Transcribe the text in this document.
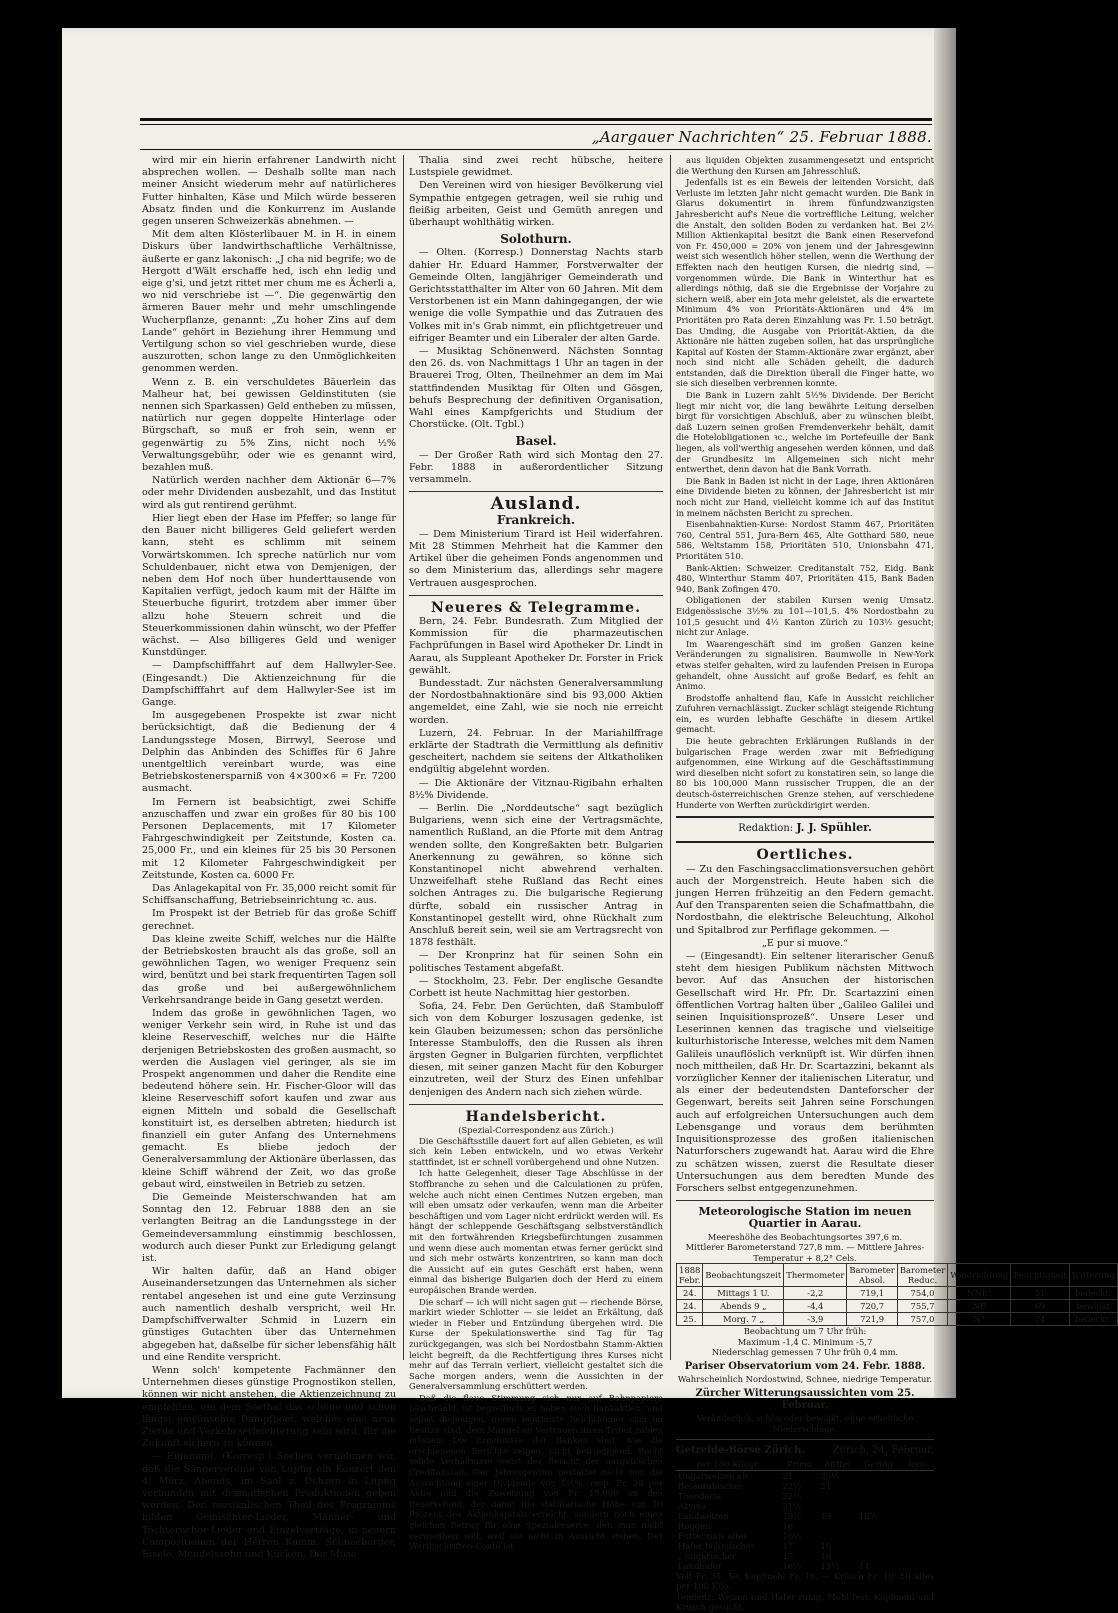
„Aargauer Nachrichten“ 25. Februar 1888.

wird mir ein hierin erfahrener Landwirth nicht absprechen wollen. — Deshalb sollte man nach meiner Ansicht wiederum mehr auf natürlicheres Futter hinhalten, Käse und Milch würde besseren Absatz finden und die Konkurrenz im Auslande gegen unseren Schweizerkäs abnehmen. —

Mit dem alten Klösterlibauer M. in H. in einem Diskurs über landwirthschaftliche Verhältnisse, äußerte er ganz lakonisch: „J cha nid begrife; wo de Hergott d'Wält erschaffe hed, isch ehn ledig und eige g'si, und jetzt rittet mer chum me es Ächerli a, wo nid verschriebe ist —“. Die gegenwärtig den ärmeren Bauer mehr und mehr umschlingende Wucherpflanze, genannt: „Zu hoher Zins auf dem Lande“ gehört in Beziehung ihrer Hemmung und Vertilgung schon so viel geschrieben wurde, diese auszurotten, schon lange zu den Unmöglichkeiten genommen werden.

Wenn z. B. ein verschuldetes Bäuerlein das Malheur hat, bei gewissen Geldinstituten (sie nennen sich Sparkassen) Geld entheben zu müssen, natürlich nur gegen doppelte Hinterlage oder Bürgschaft, so muß er froh sein, wenn er gegenwärtig zu 5% Zins, nicht noch ½% Verwaltungsgebühr, oder wie es genannt wird, bezahlen muß.

Natürlich werden nachher dem Aktionär 6—7% oder mehr Dividenden ausbezahlt, und das Institut wird als gut rentirend gerühmt.

Hier liegt eben der Hase im Pfeffer; so lange für den Bauer nicht billigeres Geld geliefert werden kann, steht es schlimm mit seinem Vorwärtskommen. Ich spreche natürlich nur vom Schuldenbauer, nicht etwa von Demjenigen, der neben dem Hof noch über hunderttausende von Kapitalien verfügt, jedoch kaum mit der Hälfte im Steuerbuche figurirt, trotzdem aber immer über allzu hohe Steuern schreit und die Steuerkommissionen dahin wünscht, wo der Pfeffer wächst. — Also billigeres Geld und weniger Kunstdünger.

— Dampfschifffahrt auf dem Hallwyler-See. (Eingesandt.) Die Aktienzeichnung für die Dampfschifffahrt auf dem Hallwyler-See ist im Gange.

Im ausgegebenen Prospekte ist zwar nicht berücksichtigt, daß die Bedienung der 4 Landungsstege Mosen, Birrwyl, Seerose und Delphin das Anbinden des Schiffes für 6 Jahre unentgeltlich vereinbart wurde, was eine Betriebskostenersparniß von 4×300×6 = Fr. 7200 ausmacht.

Im Fernern ist beabsichtigt, zwei Schiffe anzuschaffen und zwar ein großes für 80 bis 100 Personen Deplacements, mit 17 Kilometer Fahrgeschwindigkeit per Zeitstunde, Kosten ca. 25,000 Fr., und ein kleines für 25 bis 30 Personen mit 12 Kilometer Fahrgeschwindigkeit per Zeitstunde, Kosten ca. 6000 Fr.

Das Anlagekapital von Fr. 35,000 reicht somit für Schiffsanschaffung, Betriebseinrichtung ꝛc. aus.

Im Prospekt ist der Betrieb für das große Schiff gerechnet.

Das kleine zweite Schiff, welches nur die Hälfte der Betriebskosten braucht als das große, soll an gewöhnlichen Tagen, wo weniger Frequenz sein wird, benützt und bei stark frequentirten Tagen soll das große und bei außergewöhnlichem Verkehrsandrange beide in Gang gesetzt werden.

Indem das große in gewöhnlichen Tagen, wo weniger Verkehr sein wird, in Ruhe ist und das kleine Reserveschiff, welches nur die Hälfte derjenigen Betriebskosten des großen ausmacht, so werden die Auslagen viel geringer, als sie im Prospekt angenommen und daher die Rendite eine bedeutend höhere sein. Hr. Fischer-Gloor will das kleine Reserveschiff sofort kaufen und zwar aus eignen Mitteln und sobald die Gesellschaft konstituirt ist, es derselben abtreten; hiedurch ist finanziell ein guter Anfang des Unternehmens gemacht. Es bliebe jedoch der Generalversammlung der Aktionäre überlassen, das kleine Schiff während der Zeit, wo das große gebaut wird, einstweilen in Betrieb zu setzen.

Die Gemeinde Meisterschwanden hat am Sonntag den 12. Februar 1888 den an sie verlangten Beitrag an die Landungsstege in der Gemeindeversammlung einstimmig beschlossen, wodurch auch dieser Punkt zur Erledigung gelangt ist.

Wir halten dafür, daß an Hand obiger Auseinandersetzungen das Unternehmen als sicher rentabel angesehen ist und eine gute Verzinsung auch namentlich deshalb verspricht, weil Hr. Dampfschiffverwalter Schmid in Luzern ein günstiges Gutachten über das Unternehmen abgegeben hat, daßselbe für sicher lebensfähig hält und eine Rendite verspricht.

Wenn solch' kompetente Fachmänner den Unternehmen dieses günstige Prognostikon stellen, können wir nicht anstehen, die Aktienzeichnung zu empfehlen, um dem Seethal das schöne und schon längst gewünschte Dampfboot, welches eine neue Zierde und Verkehrserleichterung sein wird, für die Zukunft sichern zu können.

— Eigenamt. (Korresp.) Soeben vernehmen wir, daß die Sängervereine von Lupfig ein Konzert den 4. März, Abends, im Saal z. Ochsen in Lupfig verbunden mit dramatischen Produktionen geben werden. Den musikalischen Theil des Programms bilden Gemischter-Lieder, Männer- und Töchternchor-Lieder und Einzelvorträge, in neuern Compositionen der Herren Kamm, Schneeberger, Eisele, Mendelssohn und Kücken. Der Muse

Thalia sind zwei recht hübsche, heitere Lustspiele gewidmet.

Den Vereinen wird von hiesiger Bevölkerung viel Sympathie entgegen getragen, weil sie ruhig und fleißig arbeiten, Geist und Gemüth anregen und überhaupt wohlthätig wirken.

Solothurn.

— Olten. (Korresp.) Donnerstag Nachts starb dahier Hr. Eduard Hammer, Forstverwalter der Gemeinde Olten, langjähriger Gemeinderath und Gerichtsstatthalter im Alter von 60 Jahren. Mit dem Verstorbenen ist ein Mann dahingegangen, der wie wenige die volle Sympathie und das Zutrauen des Volkes mit in's Grab nimmt, ein pflichtgetreuer und eifriger Beamter und ein Liberaler der alten Garde.

— Musiktag Schönenwerd. Nächsten Sonntag den 26. ds. von Nachmittags 1 Uhr an tagen in der Brauerei Trog, Olten, Theilnehmer an dem im Mai stattfindenden Musiktag für Olten und Gösgen, behufs Besprechung der definitiven Organisation, Wahl eines Kampfgerichts und Studium der Chorstücke. (Olt. Tgbl.)

Basel.

— Der Großer Rath wird sich Montag den 27. Febr. 1888 in außerordentlicher Sitzung versammeln.

Ausland.
Frankreich.

— Dem Ministerium Tirard ist Heil widerfahren. Mit 28 Stimmen Mehrheit hat die Kammer den Artikel über die geheimen Fonds angenommen und so dem Ministerium das, allerdings sehr magere Vertrauen ausgesprochen.

Neueres & Telegramme.

Bern, 24. Febr. Bundesrath. Zum Mitglied der Kommission für die pharmazeutischen Fachprüfungen in Basel wird Apotheker Dr. Lindt in Aarau, als Suppleant Apotheker Dr. Forster in Frick gewählt.

Bundesstadt. Zur nächsten Generalversammlung der Nordostbahnaktionäre sind bis 93,000 Aktien angemeldet, eine Zahl, wie sie noch nie erreicht worden.

Luzern, 24. Februar. In der Mariahilffrage erklärte der Stadtrath die Vermittlung als definitiv gescheitert, nachdem sie seitens der Altkatholiken endgültig abgelehnt worden.

— Die Aktionäre der Vitznau-Rigibahn erhalten 8½% Dividende.

— Berlin. Die „Norddeutsche“ sagt bezüglich Bulgariens, wenn sich eine der Vertragsmächte, namentlich Rußland, an die Pforte mit dem Antrag wenden sollte, den Kongreßakten betr. Bulgarien Anerkennung zu gewähren, so könne sich Konstantinopel nicht abwehrend verhalten. Unzweifelhaft stehe Rußland das Recht eines solchen Antrages zu. Die bulgarische Regierung dürfte, sobald ein russischer Antrag in Konstantinopel gestellt wird, ohne Rückhalt zum Anschluß bereit sein, weil sie am Vertragsrecht von 1878 festhält.

— Der Kronprinz hat für seinen Sohn ein politisches Testament abgefaßt.

— Stockholm, 23. Febr. Der englische Gesandte Corbett ist heute Nachmittag hier gestorben.

Sofia, 24. Febr. Den Gerüchten, daß Stambuloff sich von dem Koburger loszusagen gedenke, ist kein Glauben beizumessen; schon das persönliche Interesse Stambuloffs, den die Russen als ihren ärgsten Gegner in Bulgarien fürchten, verpflichtet diesen, mit seiner ganzen Macht für den Koburger einzutreten, weil der Sturz des Einen unfehlbar denjenigen des Andern nach sich ziehen würde.

Handelsbericht.
(Spezial-Correspondenz aus Zürich.)

Die Geschäftsstille dauert fort auf allen Gebieten, es will sich kein Leben entwickeln, und wo etwas Verkehr stattfindet, ist er schnell vorübergehend und ohne Nutzen.

Ich hatte Gelegenheit, dieser Tage Abschlüsse in der Stoffbranche zu sehen und die Calculationen zu prüfen, welche auch nicht einen Centimes Nutzen ergeben, man will eben umsatz oder verkaufen, wenn man die Arbeiter beschäftigen und vom Lager nicht erdrückt werden will. Es hängt der schleppende Geschäftsgang selbstverständlich mit den fortwährenden Kriegsbefürchtungen zusammen und wenn diese auch momentan etwas ferner gerückt sind und sich mehr ostwärts konzentriren, so kann man doch die Aussicht auf ein gutes Geschäft erst haben, wenn einmal das bisherige Bulgarien doch der Herd zu einem europäischen Brande werden.

Die scharf — ich will nicht sagen gut — riechende Börse, markirt wieder Schlotter — sie leidet an Erkältung, daß wieder in Fieber und Entzündung übergehen wird. Die Kurse der Spekulationswerthe sind Tag für Tag zurückgegangen, was sich bei Nordostbahn Stamm-Aktien leicht begreift, da die Rechtfertigung ihres Kurses nicht mehr auf das Terrain verliert, vielleicht gestaltet sich die Sache morgen anders, wenn die Aussichten in der Generalversammlung erschüttert werden.

Daß die flaue Stimmung sich nur auf Bahnpapiere beschränkt, ist begreiflich, es haben auch Bankaktien, und selbst diejenigen, deren legitimste Reichthümer sich im Besitze sind, dem Mangel an Vertrauen ihren Tribut zahlen müssen. Die Ergebnisse der Banken sind, wie die erschienenen Berichte zeigen, nicht befriedigend. Recht solide Verhältnisse weist der Bericht der aargauischen Creditanstalt. Der Jahresgewinn gestattet nicht nur die Ausrichtung einer Dividende von 5½%, resp. Fr. 28 per Aktie und die Zuweisung von Fr. 15,000 an den Reservefond, der damit die statutarische Höhe von 10 Prozent des Aktienkapitals erreicht, sondern noch einen gleichen Betrag für eine Spezialreserve, den man nicht verwerthen will, weil sie nicht in Aussicht stehen. Der Werthschriften-Conto ist

aus liquiden Objekten zusammengesetzt und entspricht die Werthung den Kursen am Jahresschluß.

Jedenfalls ist es ein Beweis der leitenden Vorsicht, daß Verluste im letzten Jahr nicht gemacht wurden. Die Bank in Glarus dokumentirt in ihrem fünfundzwanzigsten Jahresbericht auf's Neue die vortreffliche Leitung, welcher die Anstalt, den soliden Boden zu verdanken hat. Bei 2½ Million Aktienkapital besitzt die Bank einen Reservefond von Fr. 450,000 = 20% von jenem und der Jahresgewinn weist sich wesentlich höher stellen, wenn die Werthung der Effekten nach den heutigen Kursen, die niedrig sind, — vorgenommen würde. Die Bank in Winterthur hat es allerdings nöthig, daß sie die Ergebnisse der Vorjahre zu sichern weiß, aber ein Jota mehr geleistet, als die erwartete Minimum 4% von Prioritäts-Aktionären und 4% im Prioritäten pro Rata deren Einzahlung was Fr. 1.50 beträgt. Das Umding, die Ausgabe von Priorität-Aktien, da die Aktionäre nie hätten zugeben sollen, hat das ursprüngliche Kapital auf Kosten der Stamm-Aktionäre zwar ergänzt, aber noch sind nicht alle Schäden geheilt, die dadurch entstanden, daß die Direktion überall die Finger hatte, wo sie sich dieselben verbrennen konnte.

Die Bank in Luzern zahlt 5½% Dividende. Der Bericht liegt mir nicht vor, die lang bewährte Leitung derselben birgt für vorsichtigen Abschluß, aber zu wünschen bleibt, daß Luzern seinen großen Fremdenverkehr behält, damit die Hotelobligationen ꝛc., welche im Portefeuille der Bank liegen, als voll'werthig angesehen werden können, und daß der Grundbesitz im Allgemeinen sich nicht mehr entwerthet, denn davon hat die Bank Vorrath.

Die Bank in Baden ist nicht in der Lage, ihren Aktionären eine Dividende bieten zu können, der Jahresbericht ist mir noch nicht zur Hand, vielleicht komme ich auf das Institut in meinem nächsten Bericht zu sprechen.

Eisenbahnaktien-Kurse: Nordost Stamm 467, Prioritäten 760, Central 551, Jura-Bern 465, Alte Gotthard 580, neue 586, Weltstamm 158, Prioritäten 510, Unionsbahn 471, Prioritäten 510.

Bank-Aktien: Schweizer. Creditanstalt 752, Eidg. Bank 480, Winterthur Stamm 407, Prioritäten 415, Bank Baden 940, Bank Zofingen 470.

Obligationen der stabilen Kursen wenig Umsatz. Eidgenössische 3½% zu 101—101,5. 4% Nordostbahn zu 101,5 gesucht und 4½ Kanton Zürich zu 103½ gesucht; nicht zur Anlage.

Im Waarengeschäft sind im großen Ganzen keine Veränderungen zu signalisiren. Baumwolle in New-York etwas steifer gehalten, wird zu laufenden Preisen in Europa gehandelt, ohne Aussicht auf große Bedarf, es fehlt an Animo.

Brodstoffe anhaltend flau, Kafe in Aussicht reichlicher Zufuhren vernachlässigt. Zucker schlägt steigende Richtung ein, es wurden lebhafte Geschäfte in diesem Artikel gemacht.

Die heute gebrachten Erklärungen Rußlands in der bulgarischen Frage werden zwar mit Befriedigung aufgenommen, eine Wirkung auf die Geschäftsstimmung wird dieselben nicht sofort zu konstatiren sein, so lange die 80 bis 100,000 Mann russischer Truppen, die an der deutsch-österreichischen Grenze stehen, auf verschiedene Hunderte von Werften zurückdirigirt werden.

Redaktion: J. J. Spühler.
Oertliches.

— Zu den Faschingsacclimationsversuchen gehört auch der Morgenstreich. Heute haben sich die jungen Herren frühzeitig an den Federn gemacht. Auf den Transparenten seien die Schafmattbahn, die Nordostbahn, die elektrische Beleuchtung, Alkohol und Spitalbrod zur Perfiflage gekommen. —

„E pur si muove.“

— (Eingesandt). Ein seltener literarischer Genuß steht dem hiesigen Publikum nächsten Mittwoch bevor. Auf das Ansuchen der historischen Gesellschaft wird Hr. Pfr. Dr. Scartazzini einen öffentlichen Vortrag halten über „Galileo Galilei und seinen Inquisitionsprozeß“. Unsere Leser und Leserinnen kennen das tragische und vielseitige kulturhistorische Interesse, welches mit dem Namen Galileis unauflöslich verknüpft ist. Wir dürfen ihnen noch mittheilen, daß Hr. Dr. Scartazzini, bekannt als vorzüglicher Kenner der italienischen Literatur, und als einer der bedeutendsten Danteforscher der Gegenwart, bereits seit Jahren seine Forschungen auch auf erfolgreichen Untersuchungen auch dem Lebensgange und voraus dem berühmten Inquisitionsprozesse des großen italienischen Naturforschers zugewandt hat. Aarau wird die Ehre zu schätzen wissen, zuerst die Resultate dieser Untersuchungen aus dem beredten Munde des Forschers selbst entgegenzunehmen.

Meteorologische Station im neuen Quartier in Aarau.
Meereshöhe des Beobachtungsortes 397,6 m.
Mittlerer Barometerstand 727,8 mm. — Mittlere Jahres-Temperatur + 8,2° Cels.
1888 Febr.	Beobachtungszeit	Thermometer	Barometer Absol.	Barometer Reduc.	Windrichtung	Feuchtigkeit	Witterung
24.	Mittags 1 U.	-2,2	719,1	754,0	NNE¹	51	bedeckt.
24.	Abends 9 „	-4,4	720,7	755,7	NE	69	bewölkt
25.	Morg. 7 „	-3,9	721,9	757,0	N°	74	bedeckt.
Beobachtung um 7 Uhr früh:
Maximum -1,4 C. Minimum -5,7
Niederschlag gemessen 7 Uhr früh 0,4 mm.
Pariser Observatorium vom 24. Febr. 1888.
Wahrscheinlich Nordostwind, Schnee, niedrige Temperatur.
Zürcher Witterungsaussichten vom 25. Februar.
Veränderlich, schön oder bewölkt, ohne erhebliche Niederschläge.
Getreide-Börse Zürich.	Zürich, 24. Februar.
per 100 Kilogr.	Prima	Mittel	Gering.	loco.
Ungarweizen alt	21	20½		
Bessarabischer	22½	21		
Theodosia	22½			
Azyma	21½			
Landweizen	19½	19	18½	
Roggen	16			
Futtermais altes	16½			
Hafer böhmischer	17	16		
„ ungarischer	17	16		
Landhafer	16½	15½	14	
Voll Fr. 31. 50, Kopfmehl Fr. 18. — Krüsch Fr. 10. 50 alles per 100 Kilo.
Tendenz: Weizen und Hafer ruhig. Mehl fest. Kopfmehl und Krüsch gesucht.
